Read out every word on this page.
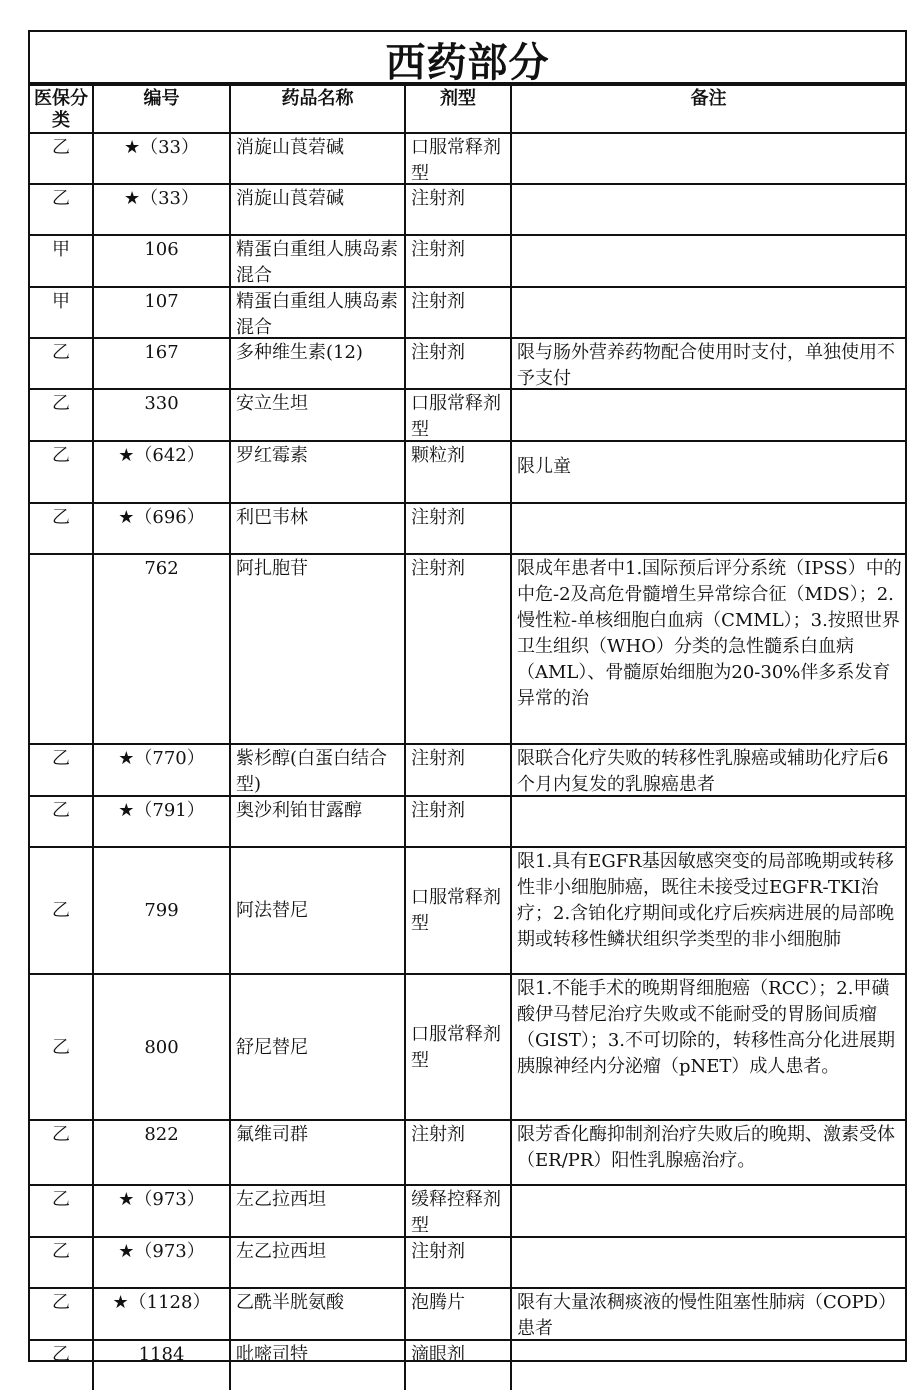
西药部分
医保分类	编号	药品名称	剂型	备注

乙	★（33）	消旋山莨菪碱	口服常释剂型	

乙	★（33）	消旋山莨菪碱	注射剂	

甲	106	精蛋白重组人胰岛素混合	注射剂	

甲	107	精蛋白重组人胰岛素混合	注射剂	

乙	167	多种维生素(12)	注射剂	限与肠外营养药物配合使用时支付，单独使用不予支付

乙	330	安立生坦	口服常释剂型	

乙	★（642）	罗红霉素	颗粒剂	限儿童

乙	★（696）	利巴韦林	注射剂	

	762	阿扎胞苷	注射剂	限成年患者中1.国际预后评分系统（IPSS）中的中危-2及高危骨髓增生异常综合征（MDS）；2.慢性粒-单核细胞白血病（CMML）；3.按照世界卫生组织（WHO）分类的急性髓系白血病（AML）、骨髓原始细胞为20-30%伴多系发育异常的治

乙	★（770）	紫杉醇(白蛋白结合型)	注射剂	限联合化疗失败的转移性乳腺癌或辅助化疗后6个月内复发的乳腺癌患者

乙	★（791）	奥沙利铂甘露醇	注射剂	

乙	799	阿法替尼	口服常释剂型	限1.具有EGFR基因敏感突变的局部晚期或转移性非小细胞肺癌，既往未接受过EGFR-TKI治疗；2.含铂化疗期间或化疗后疾病进展的局部晚期或转移性鳞状组织学类型的非小细胞肺

乙	800	舒尼替尼	口服常释剂型	限1.不能手术的晚期肾细胞癌（RCC）；2.甲磺酸伊马替尼治疗失败或不能耐受的胃肠间质瘤（GIST）；3.不可切除的，转移性高分化进展期胰腺神经内分泌瘤（pNET）成人患者。

乙	822	氟维司群	注射剂	限芳香化酶抑制剂治疗失败后的晚期、激素受体（ER/PR）阳性乳腺癌治疗。

乙	★（973）	左乙拉西坦	缓释控释剂型	

乙	★（973）	左乙拉西坦	注射剂	

乙	★（1128）	乙酰半胱氨酸	泡腾片	限有大量浓稠痰液的慢性阻塞性肺病（COPD）患者

乙	1184	吡嘧司特	滴眼剂	
